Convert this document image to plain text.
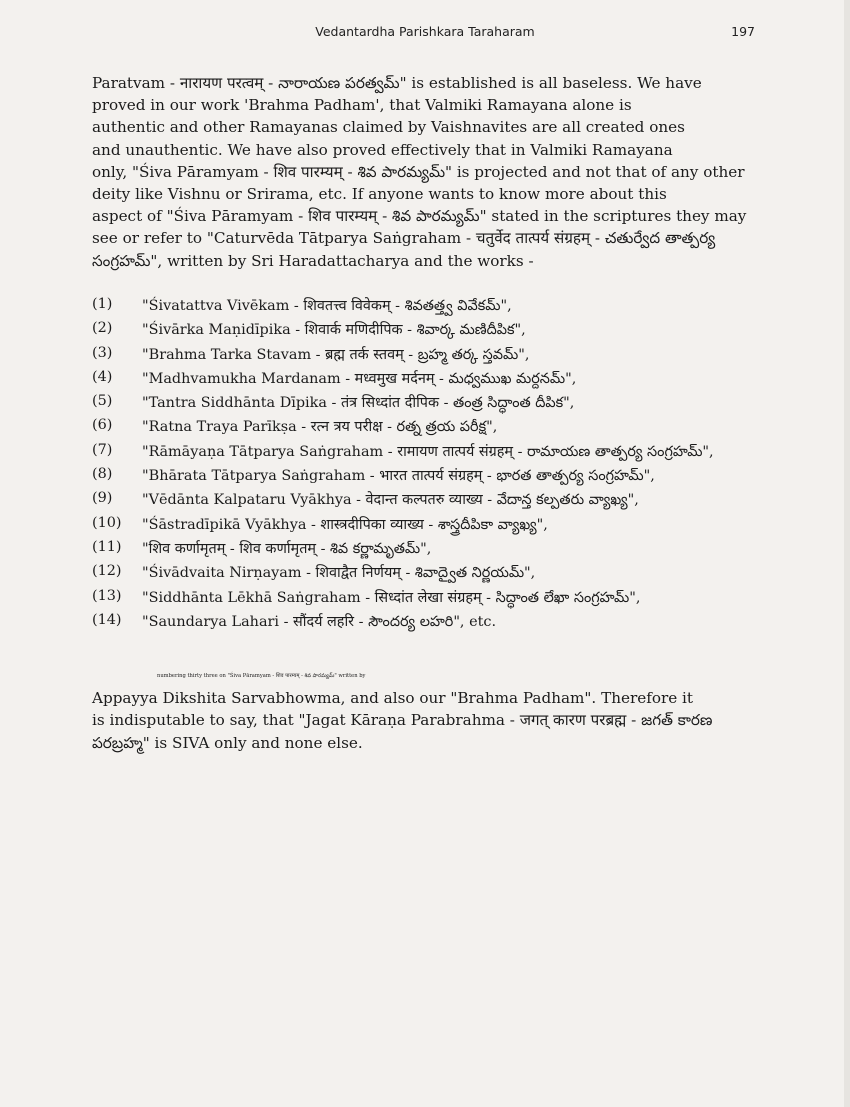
Vedantardha Parishkara Taraharam	197
Paratvam - नारायण परत्वम् - నారాయణ పరత్వమ్" is established is all baseless. We have
proved in our work 'Brahma Padham', that Valmiki Ramayana alone is
authentic and other Ramayanas claimed by Vaishnavites are all created ones
and unauthentic. We have also proved effectively that in Valmiki Ramayana
only, "Śiva Pāramyam - शिव पारम्यम् - శివ పారమ్యమ్" is projected and not that of any other
deity like Vishnu or Srirama, etc. If anyone wants to know more about this
aspect of "Śiva Pāramyam - शिव पारम्यम् - శివ పారమ్యమ్" stated in the scriptures they may
see or refer to "Caturvēda Tātparya Saṅgraham - चतुर्वेद तात्पर्य संग्रहम् - చతుర్వేద తాత్పర్య
సంగ్రహమ్", written by Sri Haradattacharya and the works -
(1)	"Śivatattva Vivēkam - शिवतत्त्व विवेकम् - శివతత్త్వ వివేకమ్",
(2)	"Śivārka Maṇidīpika - शिवार्क मणिदीपिक - శివార్క మణిదీపిక",
(3)	"Brahma Tarka Stavam - ब्रह्म तर्क स्तवम् - బ్రహ్మ తర్క స్తవమ్",
(4)	"Madhvamukha Mardanam - मध्वमुख मर्दनम् - మధ్వముఖ మర్దనమ్",
(5)	"Tantra Siddhānta Dīpika - तंत्र सिध्दांत दीपिक - తంత్ర సిద్ధాంత దీపిక",
(6)	"Ratna Traya Parīkṣa - रत्न त्रय परीक्ष - రత్న త్రయ పరీక్ష",
(7)	"Rāmāyaṇa Tātparya Saṅgraham - रामायण तात्पर्य संग्रहम् - రామాయణ తాత్పర్య సంగ్రహమ్",
(8)	"Bhārata Tātparya Saṅgraham - भारत तात्पर्य संग्रहम् - భారత తాత్పర్య సంగ్రహమ్",
(9)	"Vēdānta Kalpataru Vyākhya - वेदान्त कल्पतरु व्याख्य - వేదాన్త కల్పతరు వ్యాఖ్య",
(10)	"Śāstradīpikā Vyākhya - शास्त्रदीपिका व्याख्य - శాస్త్రదీపికా వ్యాఖ్య",
(11)	"शिव कर्णामृतम् - शिव कर्णामृतम् - శివ కర్ణామృతమ్",
(12)	"Śivādvaita Nirṇayam - शिवाद्वैत निर्णयम् - శివాద్వైత నిర్ణయమ్",
(13)	"Siddhānta Lēkhā Saṅgraham - सिध्दांत लेखा संग्रहम् - సిద్ధాంత లేఖా సంగ్రహమ్",
(14)	"Saundarya Lahari - सौंदर्य लहरि - సౌందర్య లహరి", etc.
numbering thirty three on "Śiva Pāramyam - शिव पारम्यम् - శివ పారమ్యమ్" written by
Appayya Dikshita Sarvabhowma, and also our "Brahma Padham". Therefore it
is indisputable to say, that "Jagat Kāraṇa Parabrahma - जगत् कारण परब्रह्म - జగత్ కారణ
పరబ్రహ్మ" is SIVA only and none else.
